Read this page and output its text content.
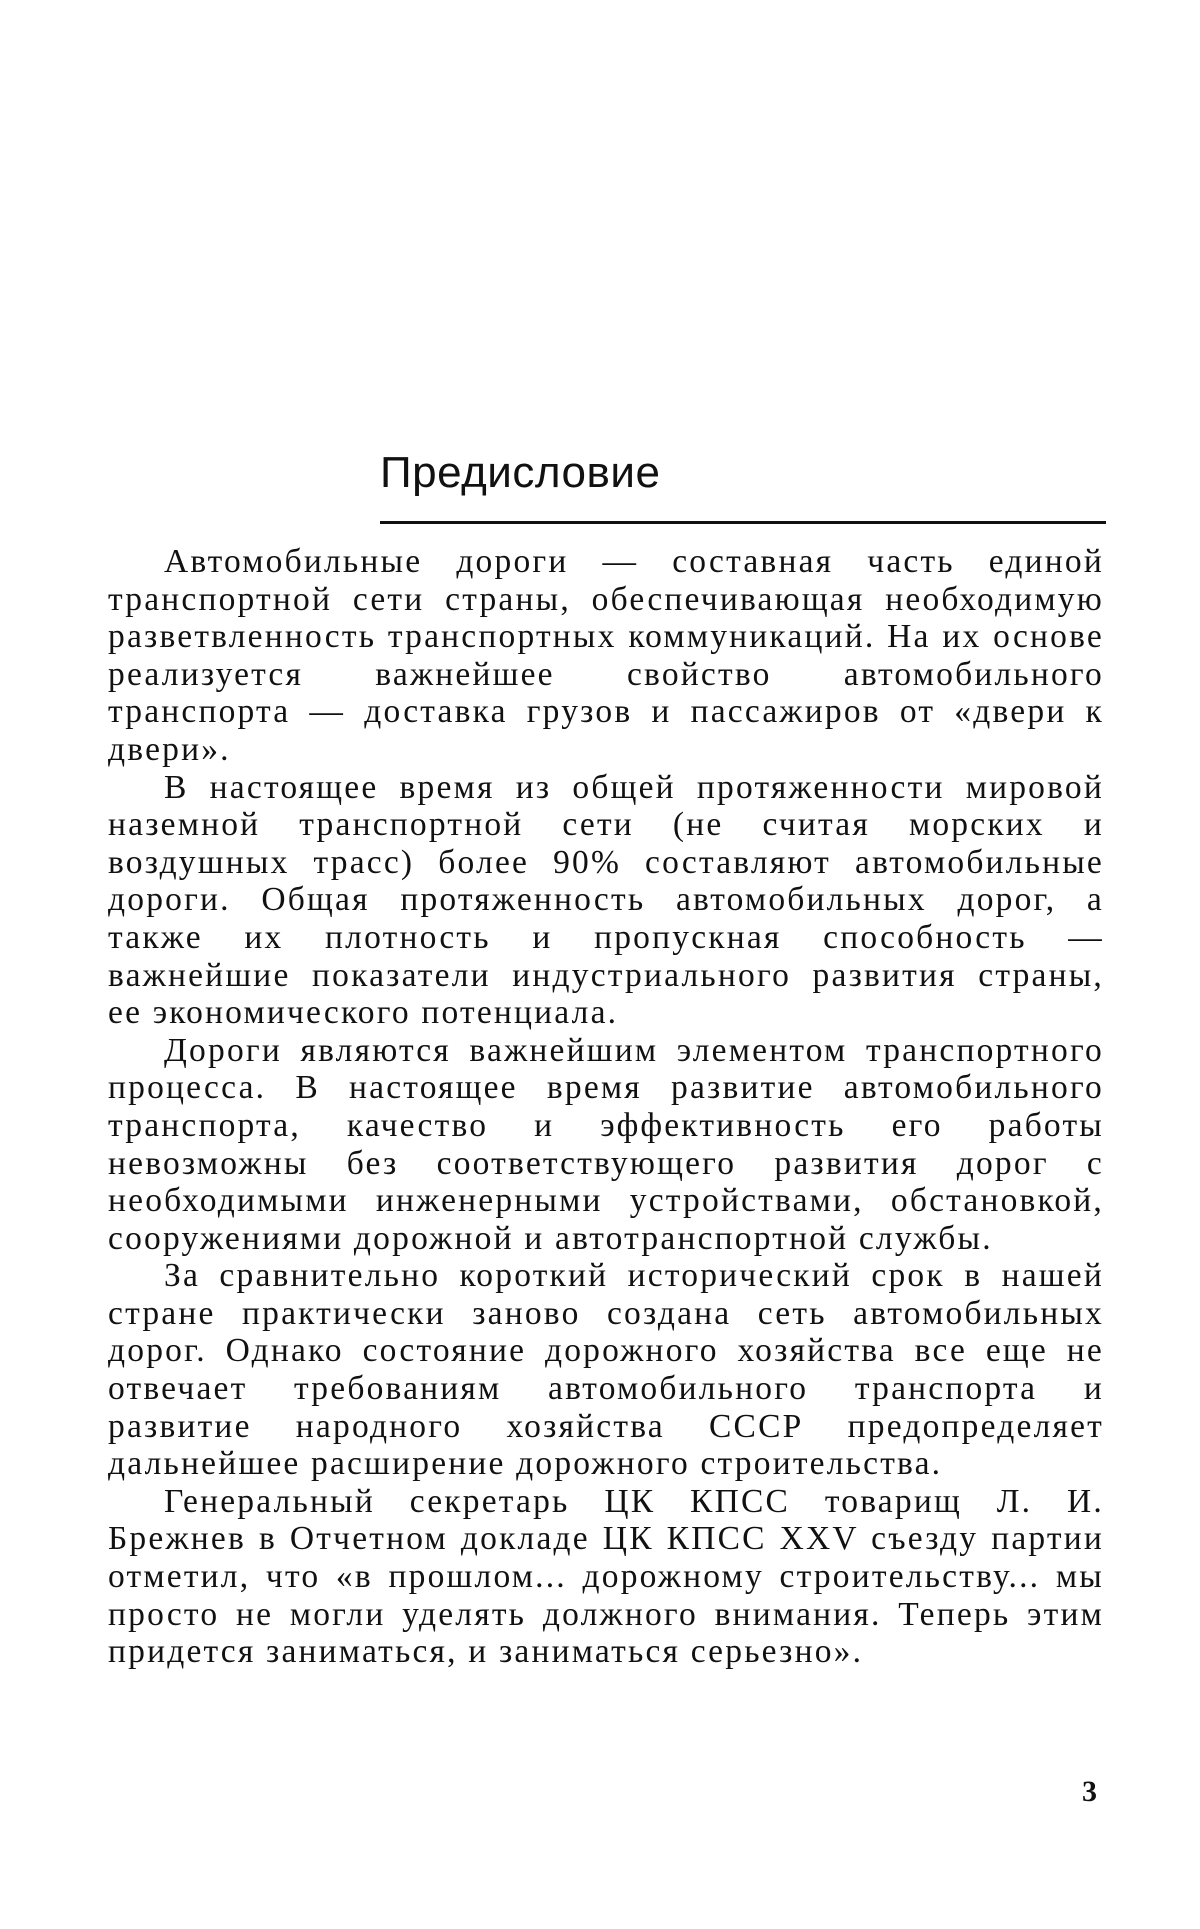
Предисловие

Автомобильные дороги — составная часть единой транспортной сети страны, обеспечивающая необходимую разветвленность транспортных коммуникаций. На их основе реализуется важнейшее свойство автомобильного транспорта — доставка грузов и пассажиров от «двери к двери».

В настоящее время из общей протяженности мировой наземной транспортной сети (не считая морских и воздушных трасс) более 90% составляют автомобильные дороги. Общая протяженность автомобильных дорог, а также их плотность и пропускная способность — важнейшие показатели индустриального развития страны, ее экономического потенциала.

Дороги являются важнейшим элементом транспортного процесса. В настоящее время развитие автомобильного транспорта, качество и эффективность его работы невозможны без соответствующего развития дорог с необходимыми инженерными устройствами, обстановкой, сооружениями дорожной и автотранспортной службы.

За сравнительно короткий исторический срок в нашей стране практически заново создана сеть автомобильных дорог. Однако состояние дорожного хозяйства все еще не отвечает требованиям автомобильного транспорта и развитие народного хозяйства СССР предопределяет дальнейшее расширение дорожного строительства.

Генеральный секретарь ЦК КПСС товарищ Л. И. Брежнев в Отчетном докладе ЦК КПСС XXV съезду партии отметил, что «в прошлом... дорожному строительству... мы просто не могли уделять должного внимания. Теперь этим придется заниматься, и заниматься серьезно».

3
